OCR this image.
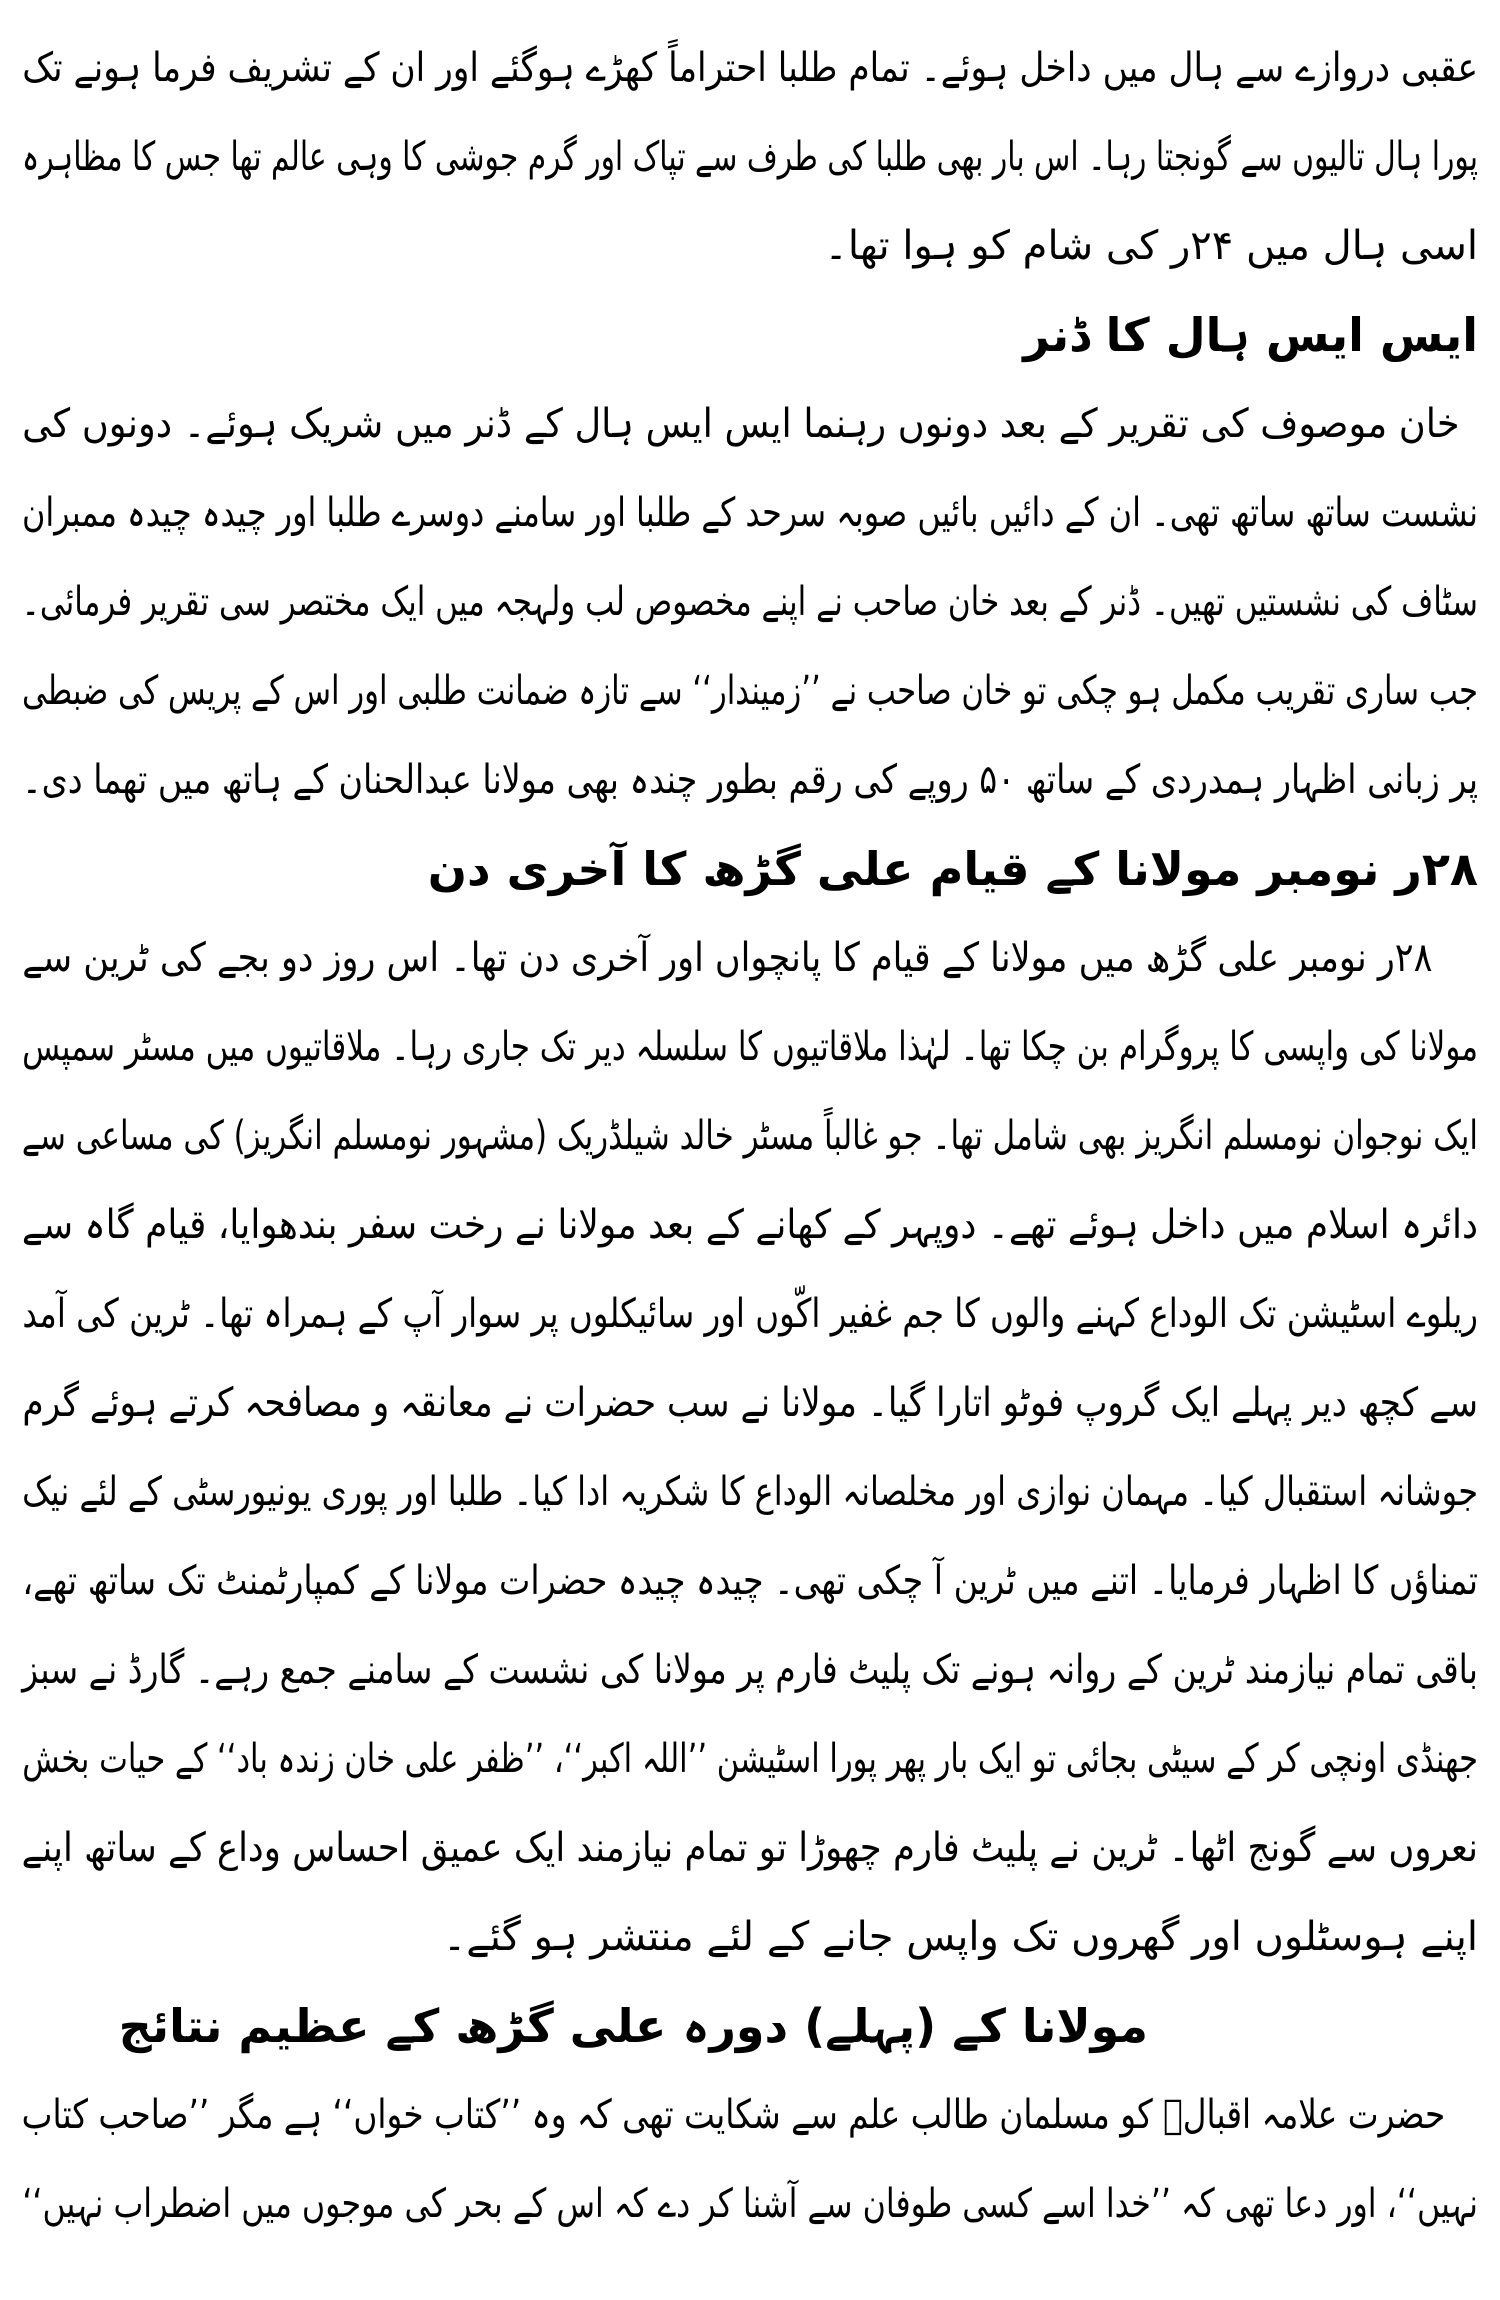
عقبی دروازے سے ہال میں داخل ہوئے۔ تمام طلبا احتراماً کھڑے ہوگئے اور ان کے تشریف فرما ہونے تک
پورا ہال تالیوں سے گونجتا رہا۔ اس بار بھی طلبا کی طرف سے تپاک اور گرم جوشی کا وہی عالم تھا جس کا مظاہرہ
اسی ہال میں ۲۴ر کی شام کو ہوا تھا۔
ایس ایس ہال کا ڈنر
خان موصوف کی تقریر کے بعد دونوں رہنما ایس ایس ہال کے ڈنر میں شریک ہوئے۔ دونوں کی
نشست ساتھ ساتھ تھی۔ ان کے دائیں بائیں صوبہ سرحد کے طلبا اور سامنے دوسرے طلبا اور چیدہ چیدہ ممبران
سٹاف کی نشستیں تھیں۔ ڈنر کے بعد خان صاحب نے اپنے مخصوص لب ولہجہ میں ایک مختصر سی تقریر فرمائی۔
جب ساری تقریب مکمل ہو چکی تو خان صاحب نے ’’زمیندار‘‘ سے تازہ ضمانت طلبی اور اس کے پریس کی ضبطی
پر زبانی اظہار ہمدردی کے ساتھ ۵۰ روپے کی رقم بطور چندہ بھی مولانا عبدالحنان کے ہاتھ میں تھما دی۔
۲۸ر نومبر مولانا کے قیام علی گڑھ کا آخری دن
۲۸ر نومبر علی گڑھ میں مولانا کے قیام کا پانچواں اور آخری دن تھا۔ اس روز دو بجے کی ٹرین سے
مولانا کی واپسی کا پروگرام بن چکا تھا۔ لہٰذا ملاقاتیوں کا سلسلہ دیر تک جاری رہا۔ ملاقاتیوں میں مسٹر سمپس
ایک نوجوان نومسلم انگریز بھی شامل تھا۔ جو غالباً مسٹر خالد شیلڈریک (مشہور نومسلم انگریز) کی مساعی سے
دائرہ اسلام میں داخل ہوئے تھے۔ دوپہر کے کھانے کے بعد مولانا نے رخت سفر بندھوایا، قیام گاہ سے
ریلوے اسٹیشن تک الوداع کہنے والوں کا جم غفیر اکّوں اور سائیکلوں پر سوار آپ کے ہمراہ تھا۔ ٹرین کی آمد
سے کچھ دیر پہلے ایک گروپ فوٹو اتارا گیا۔ مولانا نے سب حضرات نے معانقہ و مصافحہ کرتے ہوئے گرم
جوشانہ استقبال کیا۔ مہمان نوازی اور مخلصانہ الوداع کا شکریہ ادا کیا۔ طلبا اور پوری یونیورسٹی کے لئے نیک
تمناؤں کا اظہار فرمایا۔ اتنے میں ٹرین آ چکی تھی۔ چیدہ چیدہ حضرات مولانا کے کمپارٹمنٹ تک ساتھ تھے،
باقی تمام نیازمند ٹرین کے روانہ ہونے تک پلیٹ فارم پر مولانا کی نشست کے سامنے جمع رہے۔ گارڈ نے سبز
جھنڈی اونچی کر کے سیٹی بجائی تو ایک بار پھر پورا اسٹیشن ’’اللہ اکبر‘‘، ’’ظفر علی خان زندہ باد‘‘ کے حیات بخش
نعروں سے گونج اٹھا۔ ٹرین نے پلیٹ فارم چھوڑا تو تمام نیازمند ایک عمیق احساس وداع کے ساتھ اپنے
اپنے ہوسٹلوں اور گھروں تک واپس جانے کے لئے منتشر ہو گئے۔
مولانا کے (پہلے) دورہ علی گڑھ کے عظیم نتائج
حضرت علامہ اقبالؒ کو مسلمان طالب علم سے شکایت تھی کہ وہ ’’کتاب خواں‘‘ ہے مگر ’’صاحب کتاب
نہیں‘‘، اور دعا تھی کہ ’’خدا اسے کسی طوفان سے آشنا کر دے کہ اس کے بحر کی موجوں میں اضطراب نہیں‘‘
